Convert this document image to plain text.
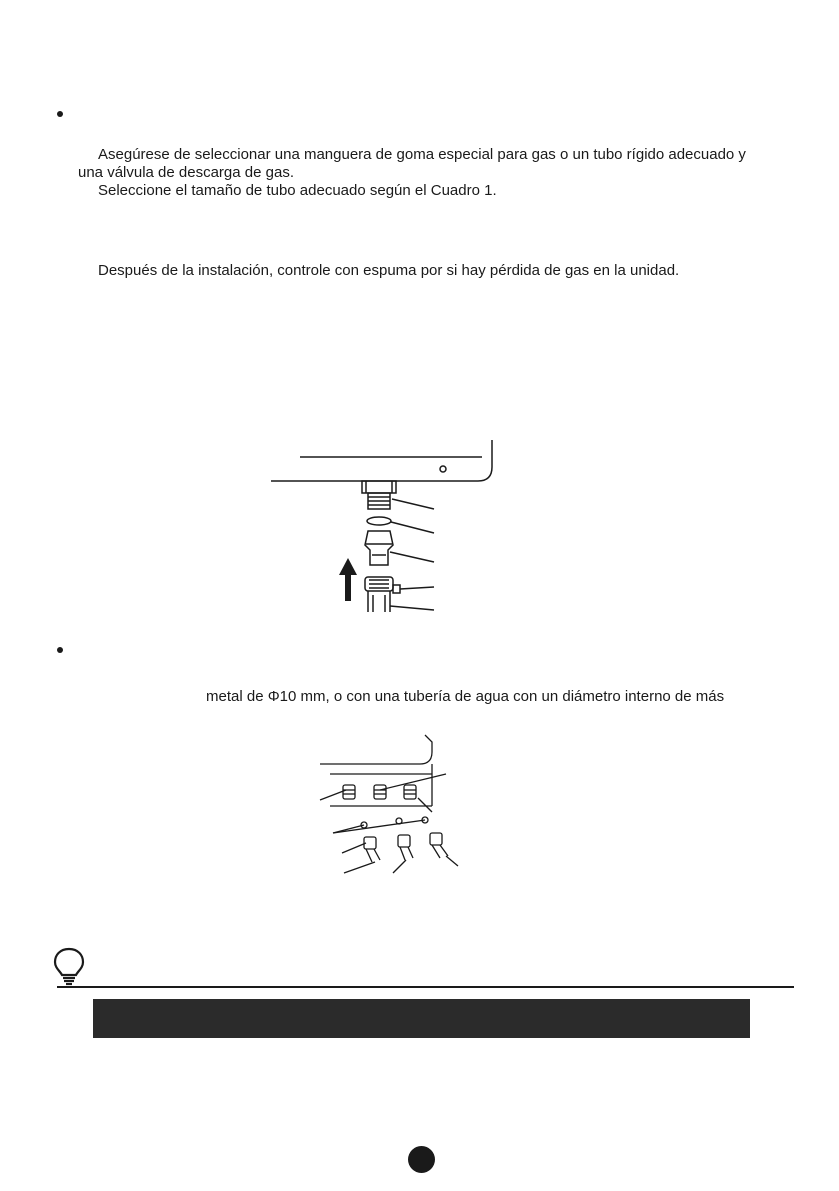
Asegúrese de seleccionar una manguera de goma especial para gas o un tubo rígido adecuado y
una válvula de descarga de gas.
Seleccione el tamaño de tubo adecuado según el Cuadro 1.
Después de la instalación, controle con espuma por si hay pérdida de gas en la unidad.
metal de Φ10 mm, o con una tubería de agua con un diámetro interno de más
